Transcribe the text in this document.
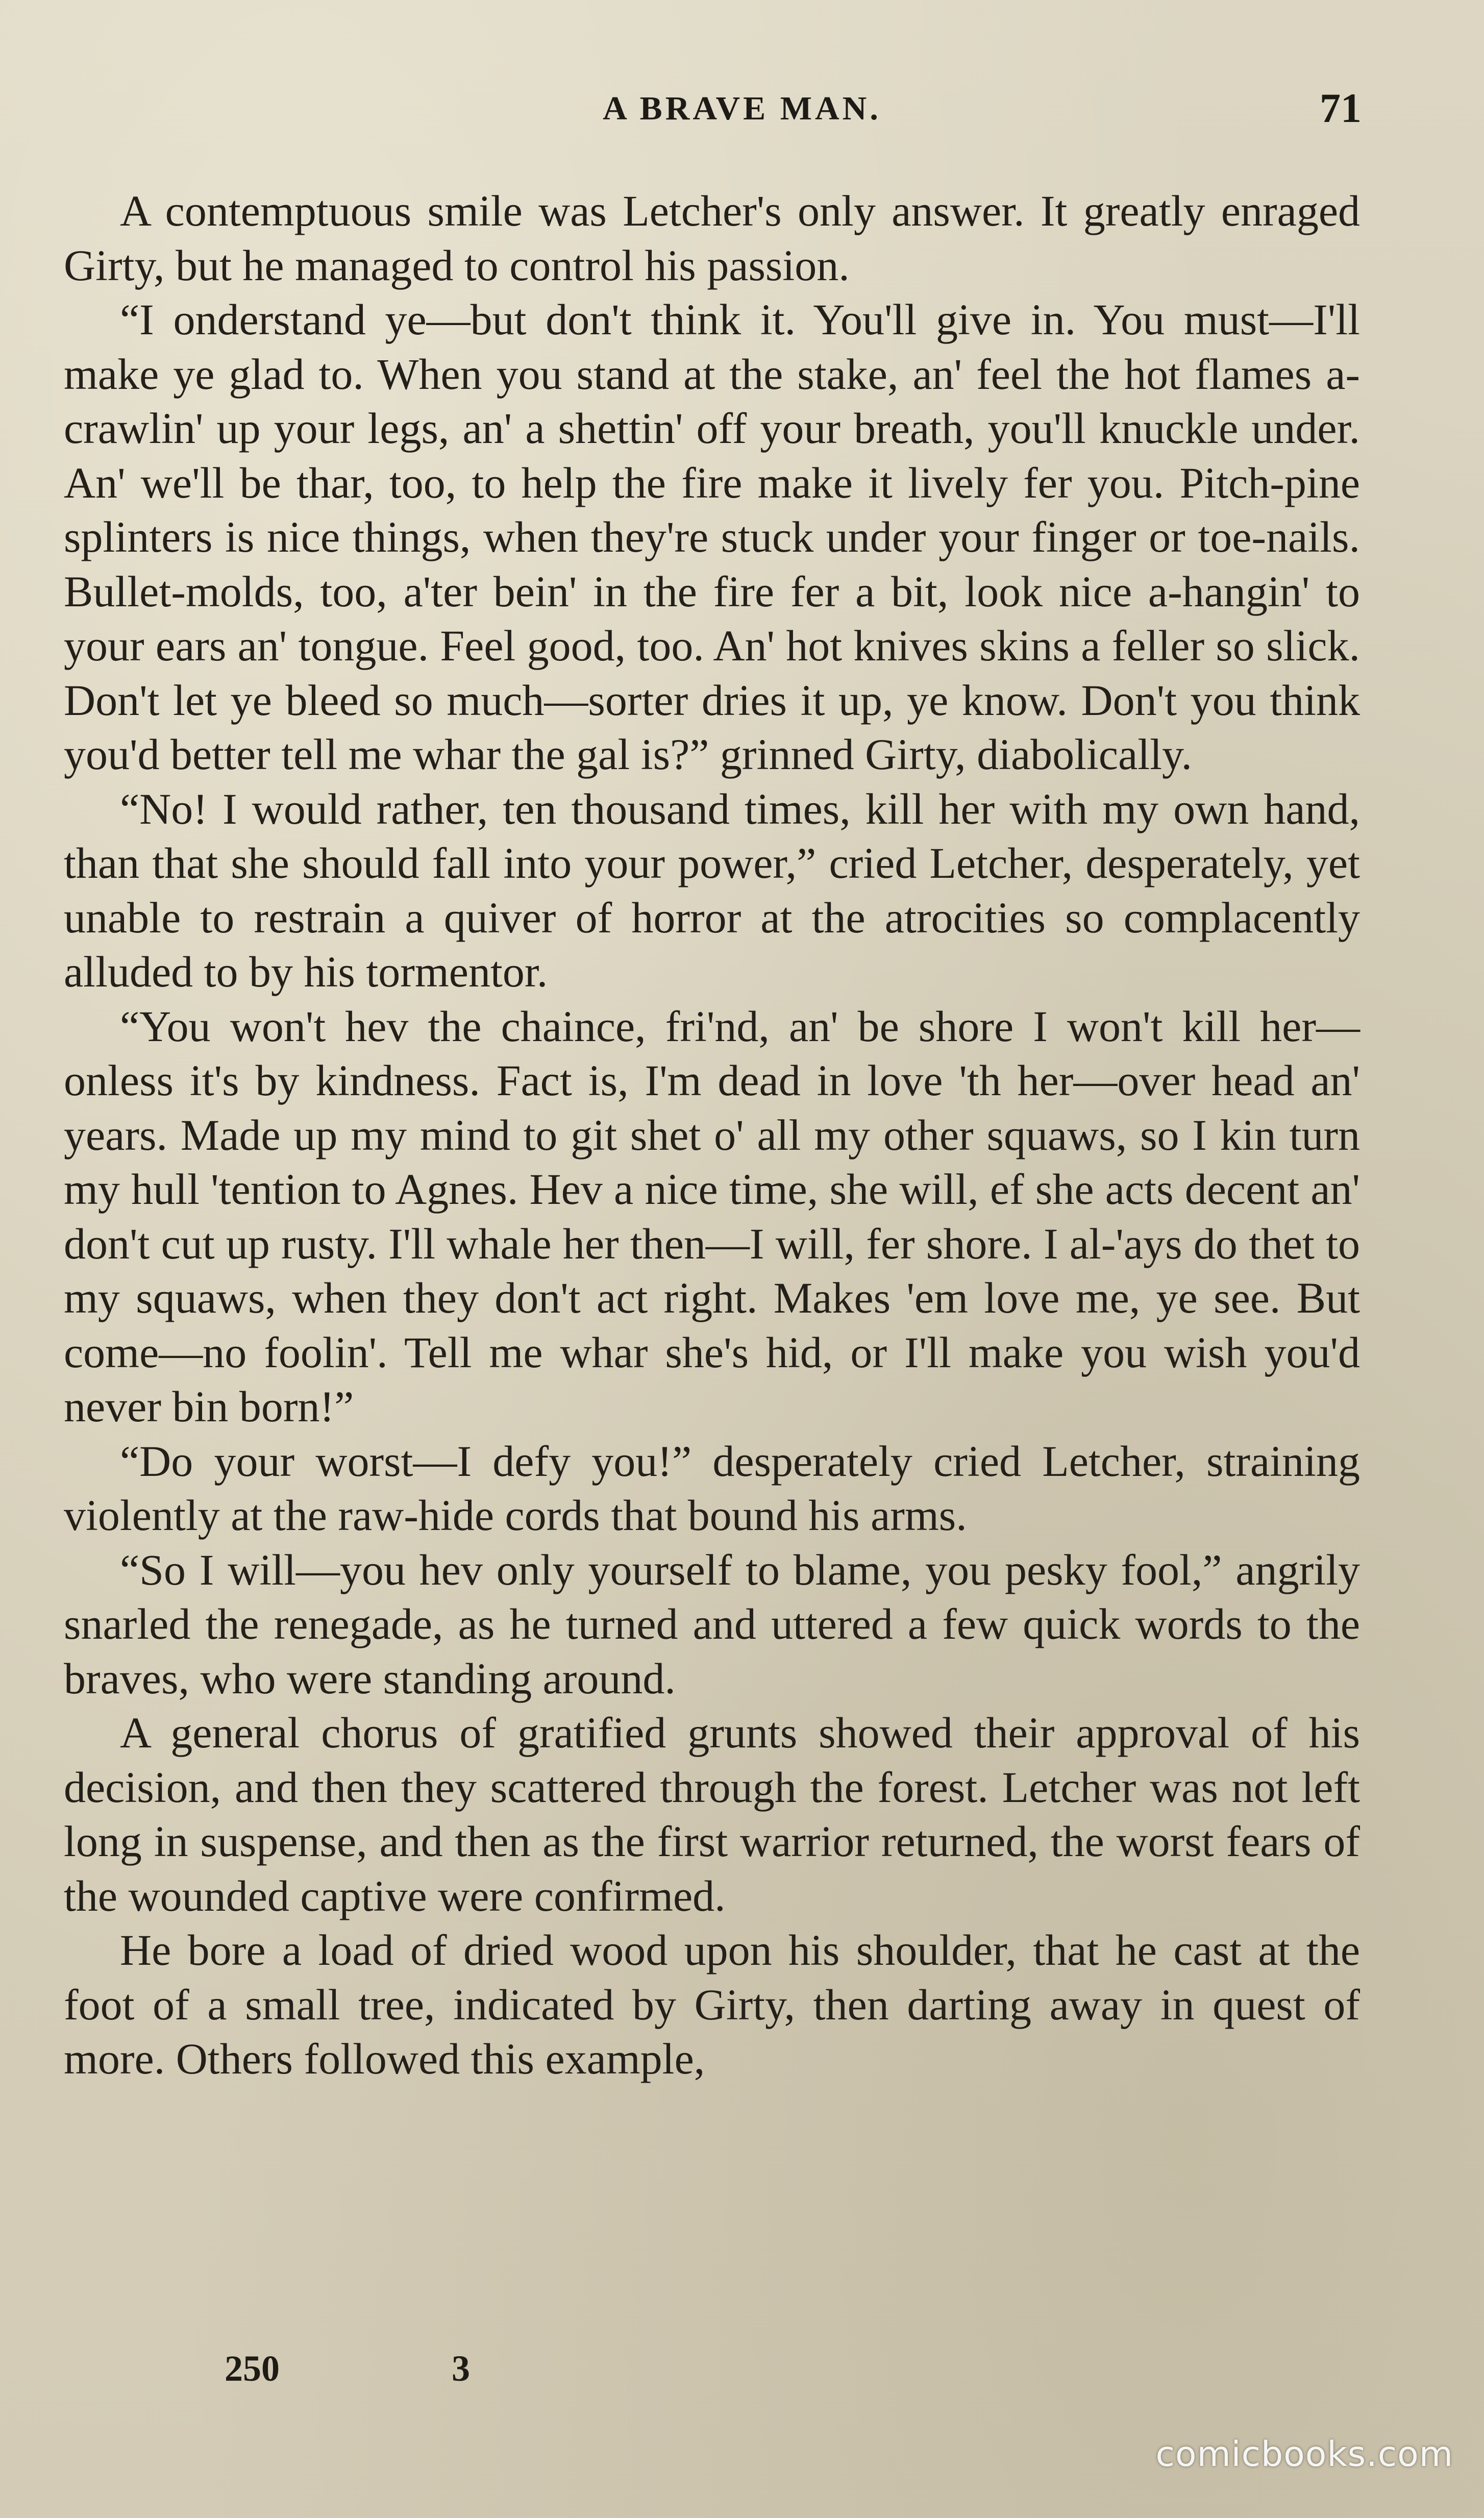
A BRAVE MAN.	71

A contemptuous smile was Letcher's only answer. It greatly enraged Girty, but he managed to control his passion.

“I onderstand ye—but don't think it. You'll give in. You must—I'll make ye glad to. When you stand at the stake, an' feel the hot flames a-crawlin' up your legs, an' a shettin' off your breath, you'll knuckle under. An' we'll be thar, too, to help the fire make it lively fer you. Pitch-pine splinters is nice things, when they're stuck under your finger or toe-nails. Bullet-molds, too, a'ter bein' in the fire fer a bit, look nice a-hangin' to your ears an' tongue. Feel good, too. An' hot knives skins a feller so slick. Don't let ye bleed so much—sorter dries it up, ye know. Don't you think you'd better tell me whar the gal is?” grinned Girty, diabolically.

“No! I would rather, ten thousand times, kill her with my own hand, than that she should fall into your power,” cried Letcher, desperately, yet unable to restrain a quiver of horror at the atrocities so complacently alluded to by his tormentor.

“You won't hev the chaince, fri'nd, an' be shore I won't kill her—onless it's by kindness. Fact is, I'm dead in love 'th her—over head an' years. Made up my mind to git shet o' all my other squaws, so I kin turn my hull 'tention to Agnes. Hev a nice time, she will, ef she acts decent an' don't cut up rusty. I'll whale her then—I will, fer shore. I al-'ays do thet to my squaws, when they don't act right. Makes 'em love me, ye see. But come—no foolin'. Tell me whar she's hid, or I'll make you wish you'd never bin born!”

“Do your worst—I defy you!” desperately cried Letcher, straining violently at the raw-hide cords that bound his arms.

“So I will—you hev only yourself to blame, you pesky fool,” angrily snarled the renegade, as he turned and uttered a few quick words to the braves, who were standing around.

A general chorus of gratified grunts showed their approval of his decision, and then they scattered through the forest. Letcher was not left long in suspense, and then as the first warrior returned, the worst fears of the wounded captive were confirmed.

He bore a load of dried wood upon his shoulder, that he cast at the foot of a small tree, indicated by Girty, then darting away in quest of more. Others followed this example,

250	3
comicbooks.com
